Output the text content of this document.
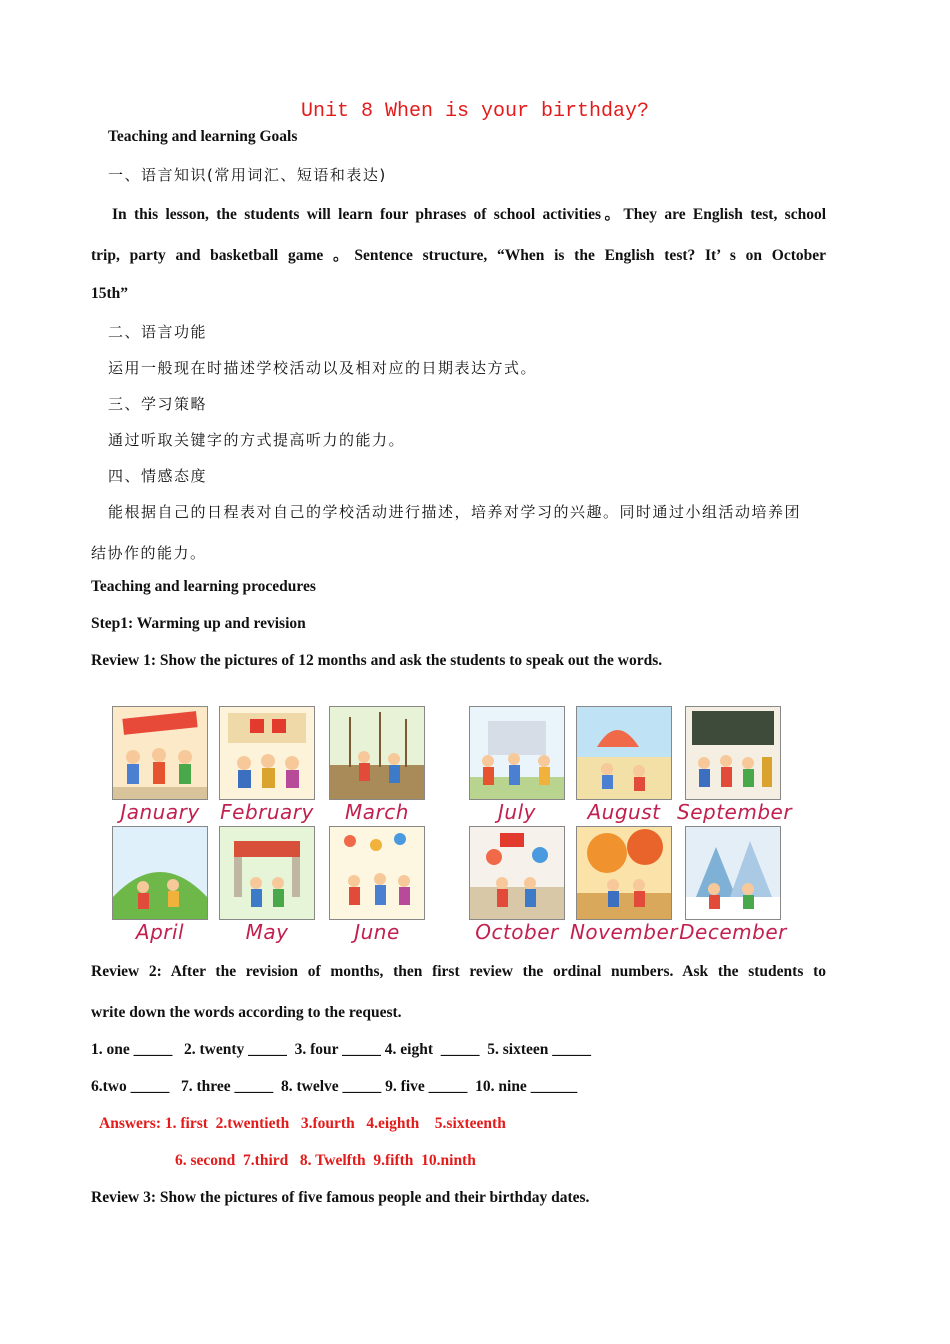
Unit 8 When is your birthday?
Teaching and learning Goals
一、语言知识(常用词汇、短语和表达)
In this lesson, the students will learn four phrases of school activities。They are English test, school
trip, party and basketball game 。Sentence structure, “When is the English test? It’ s on October
15th”
二、语言功能
运用一般现在时描述学校活动以及相对应的日期表达方式。
三、学习策略
通过听取关键字的方式提高听力的能力。
四、情感态度
能根据自己的日程表对自己的学校活动进行描述，培养对学习的兴趣。同时通过小组活动培养团
结协作的能力。
Teaching and learning procedures
Step1: Warming up and revision
Review 1: Show the pictures of 12 months and ask the students to speak out the words.
January	February	March	July	August September
April	May	June	October November December
Review 2: After the revision of months, then first review the ordinal numbers. Ask the students to
write down the words according to the request.
1. one _____   2. twenty _____  3. four _____ 4. eight  _____  5. sixteen _____
6.two _____   7. three _____  8. twelve _____ 9. five _____  10. nine ______
Answers: 1. first  2.twentieth   3.fourth   4.eighth    5.sixteenth
6. second  7.third   8. Twelfth  9.fifth  10.ninth
Review 3: Show the pictures of five famous people and their birthday dates.
